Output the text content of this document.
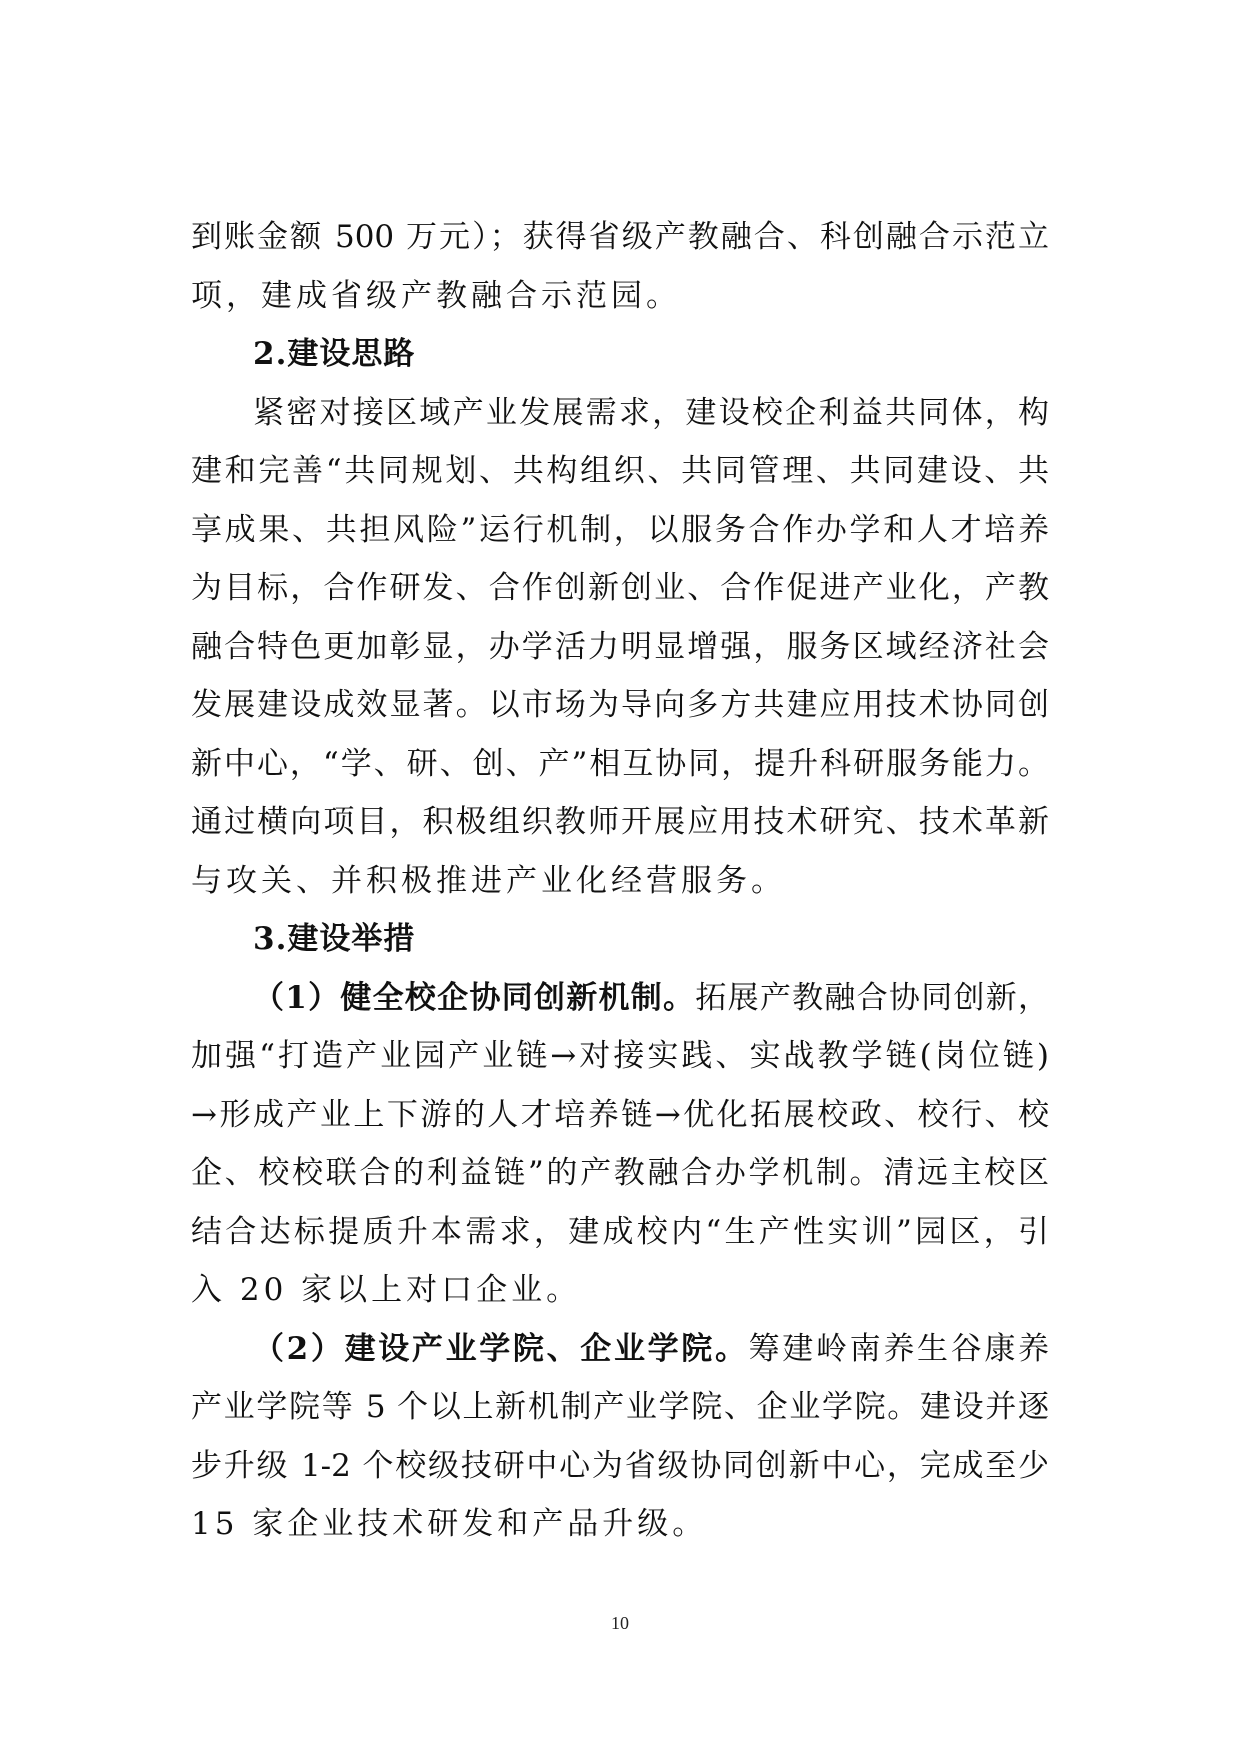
到账金额 500 万元）；获得省级产教融合、科创融合示范立
项，建成省级产教融合示范园。
2.建设思路
紧密对接区域产业发展需求，建设校企利益共同体，构
建和完善“共同规划、共构组织、共同管理、共同建设、共
享成果、共担风险”运行机制，以服务合作办学和人才培养
为目标，合作研发、合作创新创业、合作促进产业化，产教
融合特色更加彰显，办学活力明显增强，服务区域经济社会
发展建设成效显著。以市场为导向多方共建应用技术协同创
新中心，“学、研、创、产”相互协同，提升科研服务能力。
通过横向项目，积极组织教师开展应用技术研究、技术革新
与攻关、并积极推进产业化经营服务。
3.建设举措
（1）健全校企协同创新机制。拓展产教融合协同创新，
加强“打造产业园产业链→对接实践、实战教学链(岗位链)
→形成产业上下游的人才培养链→优化拓展校政、校行、校
企、校校联合的利益链”的产教融合办学机制。清远主校区
结合达标提质升本需求，建成校内“生产性实训”园区，引
入 20 家以上对口企业。
（2）建设产业学院、企业学院。筹建岭南养生谷康养
产业学院等 5 个以上新机制产业学院、企业学院。建设并逐
步升级 1-2 个校级技研中心为省级协同创新中心，完成至少
15 家企业技术研发和产品升级。
10
